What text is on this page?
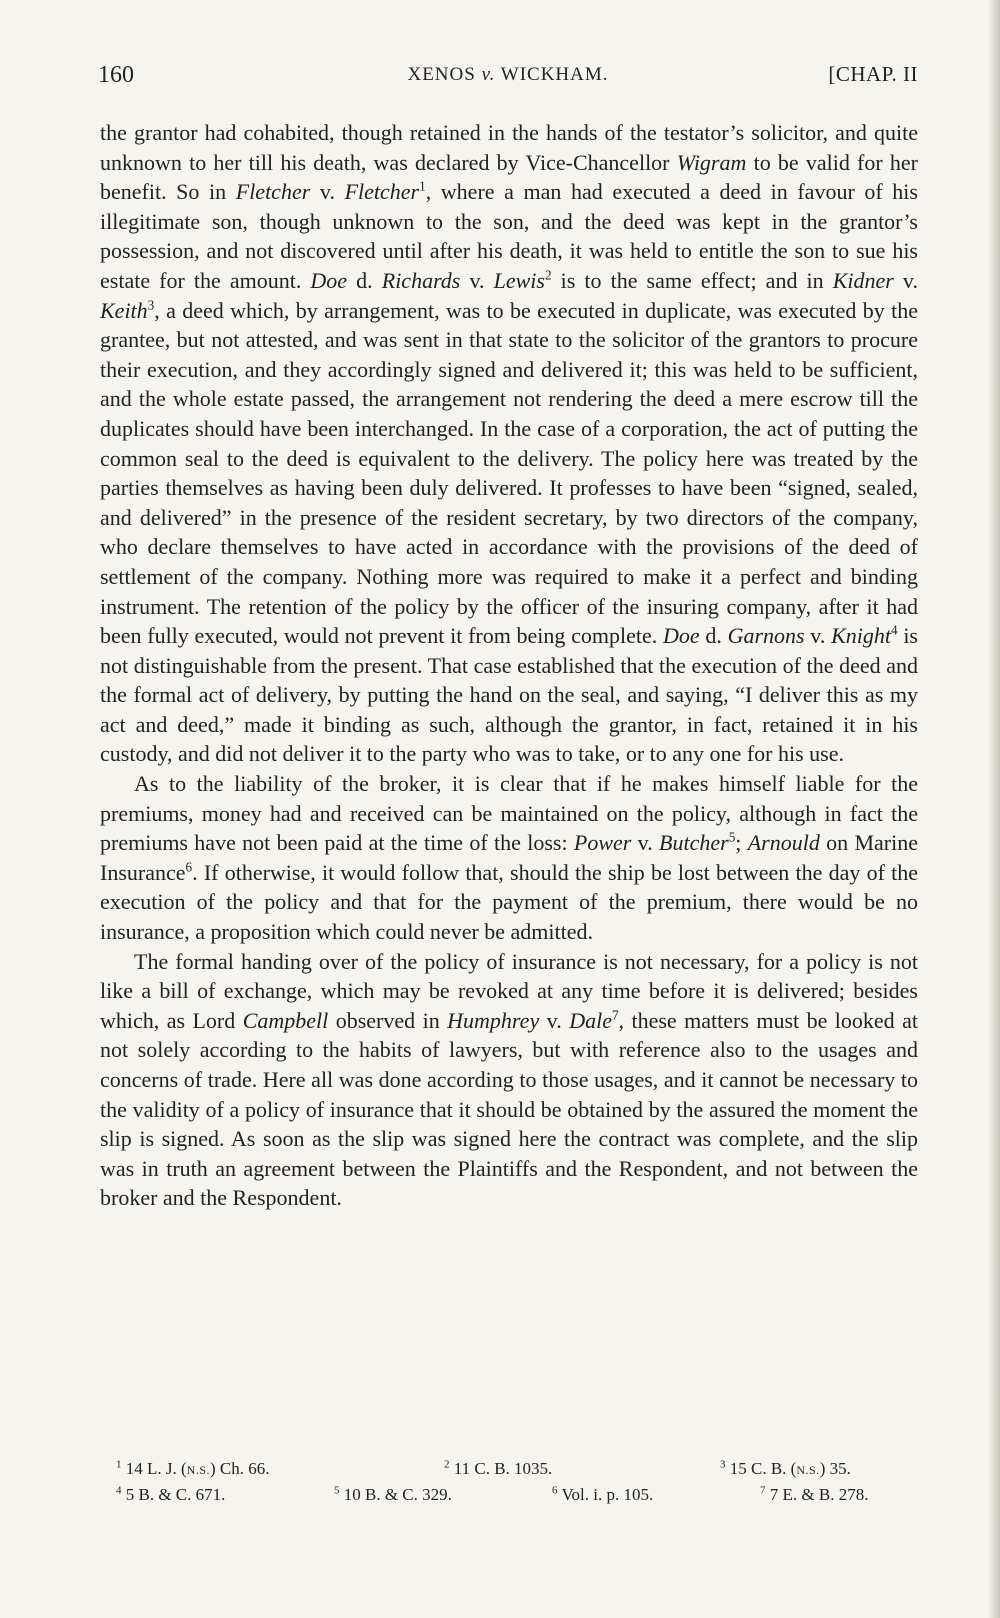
160	XENOS v. WICKHAM.	[CHAP. II

the grantor had cohabited, though retained in the hands of the testator’s solicitor, and quite unknown to her till his death, was declared by Vice-Chancellor Wigram to be valid for her benefit. So in Fletcher v. Fletcher$^1$, where a man had executed a deed in favour of his illegitimate son, though unknown to the son, and the deed was kept in the grantor’s possession, and not discovered until after his death, it was held to entitle the son to sue his estate for the amount. Doe d. Richards v. Lewis$^2$ is to the same effect; and in Kidner v. Keith$^3$, a deed which, by arrangement, was to be executed in duplicate, was executed by the grantee, but not attested, and was sent in that state to the solicitor of the grantors to procure their execution, and they accordingly signed and delivered it; this was held to be sufficient, and the whole estate passed, the arrangement not rendering the deed a mere escrow till the duplicates should have been interchanged. In the case of a corporation, the act of putting the common seal to the deed is equivalent to the delivery. The policy here was treated by the parties themselves as having been duly delivered. It professes to have been “signed, sealed, and delivered” in the presence of the resident secretary, by two directors of the company, who declare themselves to have acted in accordance with the provisions of the deed of settlement of the company. Nothing more was required to make it a perfect and binding instrument. The retention of the policy by the officer of the insuring company, after it had been fully executed, would not prevent it from being complete. Doe d. Garnons v. Knight$^4$ is not distinguishable from the present. That case established that the execution of the deed and the formal act of delivery, by putting the hand on the seal, and saying, “I deliver this as my act and deed,” made it binding as such, although the grantor, in fact, retained it in his custody, and did not deliver it to the party who was to take, or to any one for his use.

As to the liability of the broker, it is clear that if he makes himself liable for the premiums, money had and received can be maintained on the policy, although in fact the premiums have not been paid at the time of the loss: Power v. Butcher$^5$; Arnould on Marine Insurance$^6$. If otherwise, it would follow that, should the ship be lost between the day of the execution of the policy and that for the payment of the premium, there would be no insurance, a proposition which could never be admitted.

The formal handing over of the policy of insurance is not necessary, for a policy is not like a bill of exchange, which may be revoked at any time before it is delivered; besides which, as Lord Campbell observed in Humphrey v. Dale$^7$, these matters must be looked at not solely according to the habits of lawyers, but with reference also to the usages and concerns of trade. Here all was done according to those usages, and it cannot be necessary to the validity of a policy of insurance that it should be obtained by the assured the moment the slip is signed. As soon as the slip was signed here the contract was complete, and the slip was in truth an agreement between the Plaintiffs and the Respondent, and not between the broker and the Respondent.

$^1$ 14 L. J. (N.S.) Ch. 66.	$^2$ 11 C. B. 1035.	$^3$ 15 C. B. (N.S.) 35.
$^4$ 5 B. & C. 671.	$^5$ 10 B. & C. 329.	$^6$ Vol. i. p. 105.	$^7$ 7 E. & B. 278.
